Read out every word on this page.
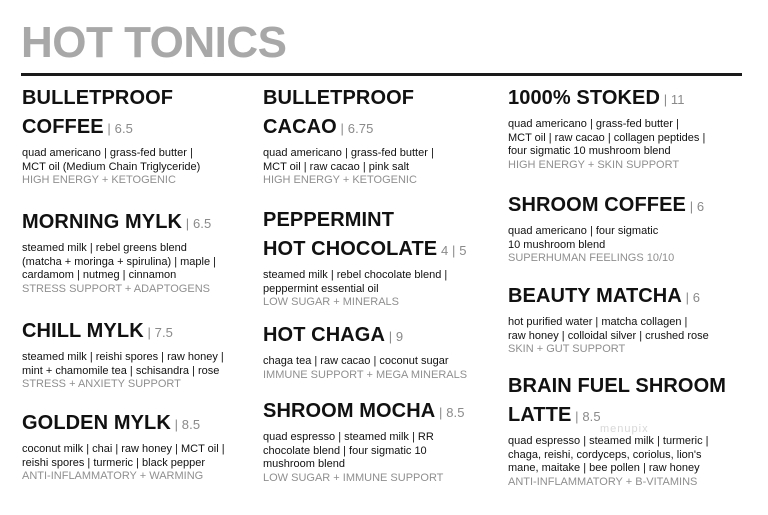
HOT TONICS
menupix
BULLETPROOF
COFFEE | 6.5
quad americano | grass-fed butter |
MCT oil (Medium Chain Triglyceride)
HIGH ENERGY + KETOGENIC
MORNING MYLK | 6.5
steamed milk | rebel greens blend
(matcha + moringa + spirulina) | maple |
cardamom | nutmeg | cinnamon
STRESS SUPPORT + ADAPTOGENS
CHILL MYLK | 7.5
steamed milk | reishi spores | raw honey |
mint + chamomile tea | schisandra | rose
STRESS + ANXIETY SUPPORT
GOLDEN MYLK | 8.5
coconut milk | chai | raw honey | MCT oil |
reishi spores | turmeric | black pepper
ANTI-INFLAMMATORY + WARMING
BULLETPROOF
CACAO | 6.75
quad americano | grass-fed butter |
MCT oil | raw cacao | pink salt
HIGH ENERGY + KETOGENIC
PEPPERMINT
HOT CHOCOLATE 4 | 5
steamed milk | rebel chocolate blend |
peppermint essential oil
LOW SUGAR + MINERALS
HOT CHAGA | 9
chaga tea | raw cacao | coconut sugar
IMMUNE SUPPORT + MEGA MINERALS
SHROOM MOCHA | 8.5
quad espresso | steamed milk | RR
chocolate blend | four sigmatic 10
mushroom blend
LOW SUGAR + IMMUNE SUPPORT
1000% STOKED | 11
quad americano | grass-fed butter |
MCT oil | raw cacao | collagen peptides |
four sigmatic 10 mushroom blend
HIGH ENERGY + SKIN SUPPORT
SHROOM COFFEE | 6
quad americano | four sigmatic
10 mushroom blend
SUPERHUMAN FEELINGS 10/10
BEAUTY MATCHA | 6
hot purified water | matcha collagen |
raw honey | colloidal silver | crushed rose
SKIN + GUT SUPPORT
BRAIN FUEL SHROOM
LATTE | 8.5
quad espresso | steamed milk | turmeric |
chaga, reishi, cordyceps, coriolus, lion's
mane, maitake | bee pollen | raw honey
ANTI-INFLAMMATORY + B-VITAMINS
